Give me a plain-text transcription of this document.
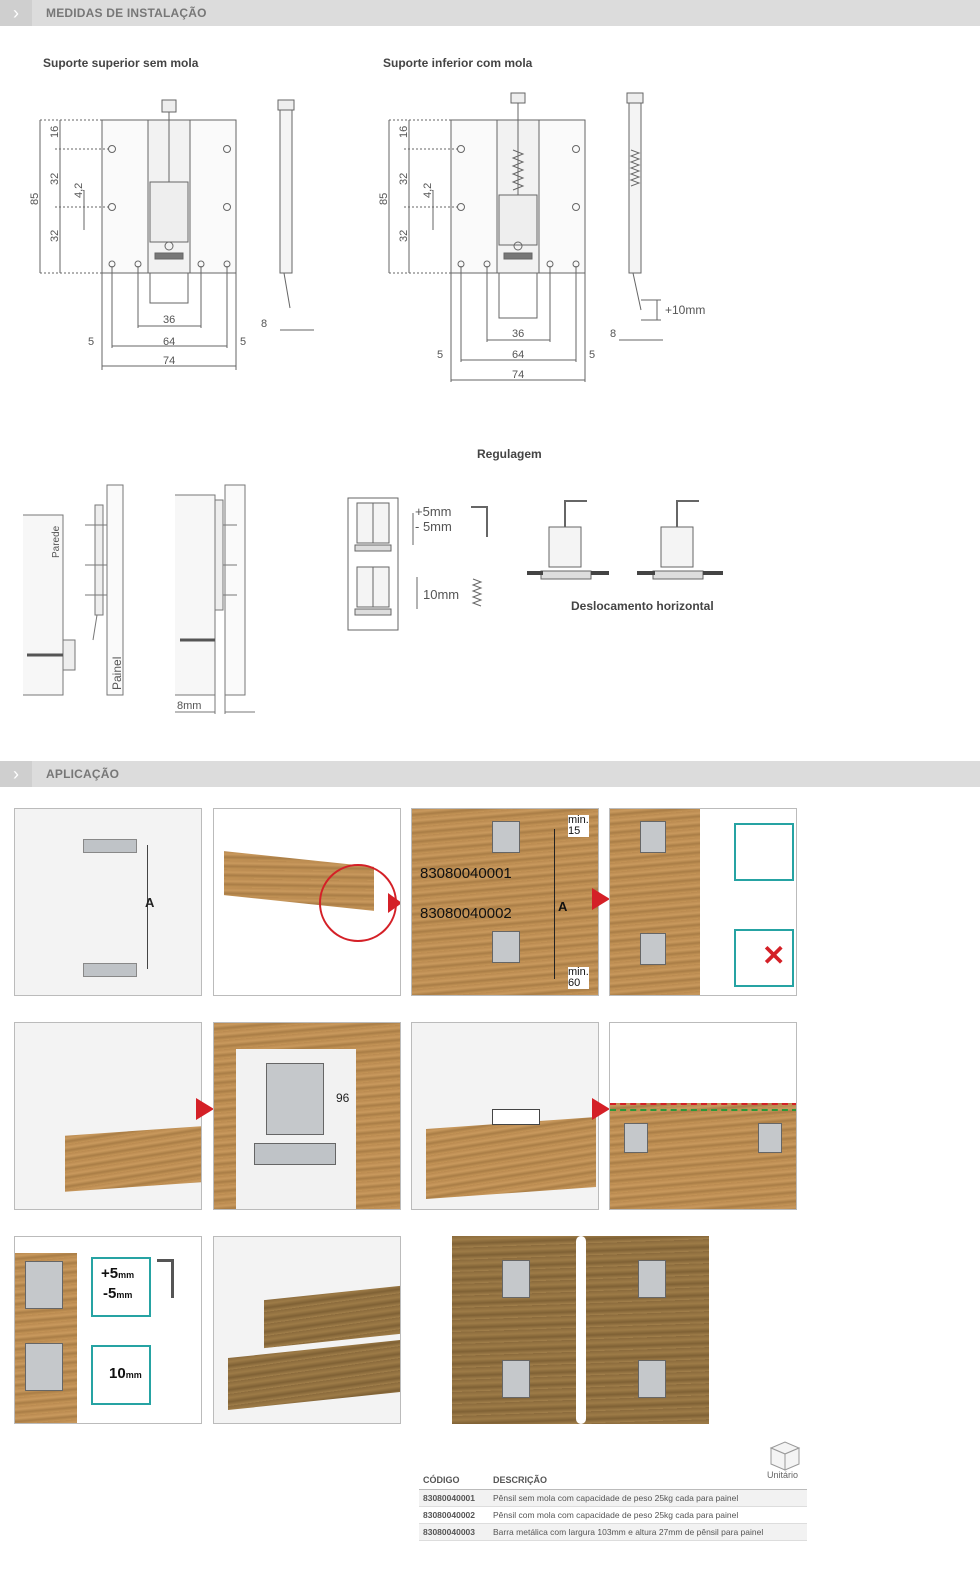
›	MEDIDAS DE INSTALAÇÃO
Suporte superior sem mola	Suporte inferior com mola
85
16
32
32
4,2
36
64
74
5	5
8
85
16
32
32
4,2
36
64
74
5	5
8
+10mm
Regulagem
Parede
Painel
8mm
+5mm
- 5mm
10mm
Deslocamento horizontal
›	APLICAÇÃO
A
83080040001
83080040002	A
min.
15
min.
60
✕
96
+5mm
-5mm
10mm
Unitário
CÓDIGO	DESCRIÇÃO
83080040001	Pênsil sem mola com capacidade de peso 25kg cada para painel
83080040002	Pênsil com mola com capacidade de peso 25kg cada para painel
83080040003	Barra metálica com largura 103mm e altura 27mm de pênsil para painel
